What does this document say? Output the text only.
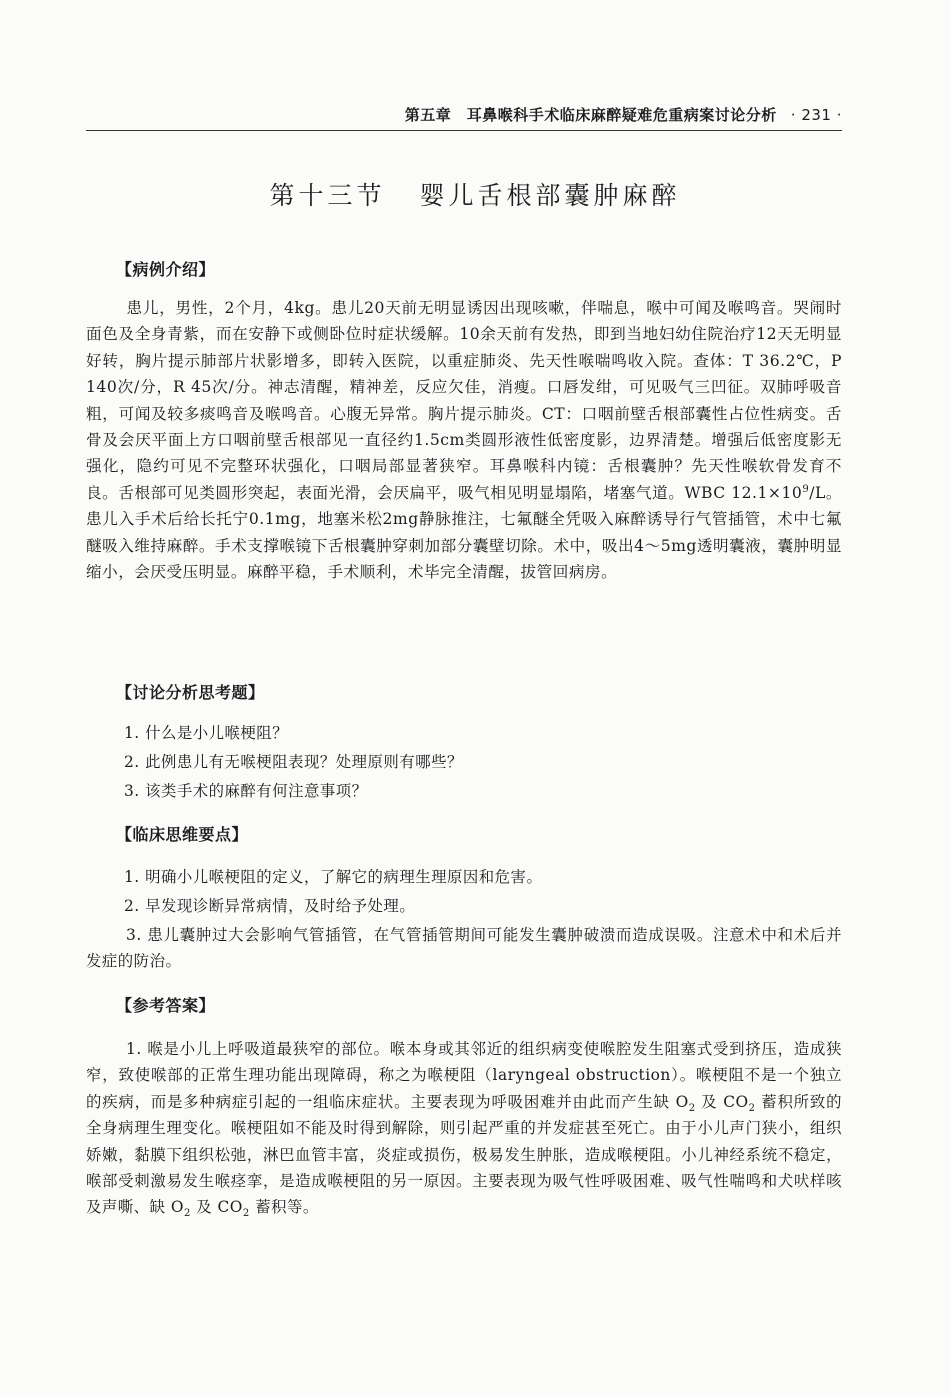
第五章　耳鼻喉科手术临床麻醉疑难危重病案讨论分析 · 231 ·
第十三节 婴儿舌根部囊肿麻醉
【病例介绍】
患儿，男性，2个月，4kg。患儿20天前无明显诱因出现咳嗽，伴喘息，喉中可闻及喉鸣音。哭闹时面色及全身青紫，而在安静下或侧卧位时症状缓解。10余天前有发热，即到当地妇幼住院治疗12天无明显好转，胸片提示肺部片状影增多，即转入医院，以重症肺炎、先天性喉喘鸣收入院。查体：T 36.2℃，P 140次/分，R 45次/分。神志清醒，精神差，反应欠佳，消瘦。口唇发绀，可见吸气三凹征。双肺呼吸音粗，可闻及较多痰鸣音及喉鸣音。心腹无异常。胸片提示肺炎。CT：口咽前壁舌根部囊性占位性病变。舌骨及会厌平面上方口咽前壁舌根部见一直径约1.5cm类圆形液性低密度影，边界清楚。增强后低密度影无强化，隐约可见不完整环状强化，口咽局部显著狭窄。耳鼻喉科内镜：舌根囊肿？先天性喉软骨发育不良。舌根部可见类圆形突起，表面光滑，会厌扁平，吸气相见明显塌陷，堵塞气道。WBC $12.1\times 10^9/L$。患儿入手术后给长托宁0.1mg，地塞米松2mg静脉推注，七氟醚全凭吸入麻醉诱导行气管插管，术中七氟醚吸入维持麻醉。手术支撑喉镜下舌根囊肿穿刺加部分囊壁切除。术中，吸出4～5mg透明囊液，囊肿明显缩小，会厌受压明显。麻醉平稳，手术顺利，术毕完全清醒，拔管回病房。
【讨论分析思考题】
1. 什么是小儿喉梗阻？
2. 此例患儿有无喉梗阻表现？处理原则有哪些？
3. 该类手术的麻醉有何注意事项？
【临床思维要点】
1. 明确小儿喉梗阻的定义，了解它的病理生理原因和危害。
2. 早发现诊断异常病情，及时给予处理。
3. 患儿囊肿过大会影响气管插管，在气管插管期间可能发生囊肿破溃而造成误吸。注意术中和术后并发症的防治。
【参考答案】
1. 喉是小儿上呼吸道最狭窄的部位。喉本身或其邻近的组织病变使喉腔发生阻塞式受到挤压，造成狭窄，致使喉部的正常生理功能出现障碍，称之为喉梗阻（laryngeal obstruction）。喉梗阻不是一个独立的疾病，而是多种病症引起的一组临床症状。主要表现为呼吸困难并由此而产生缺 $O_2$ 及 $CO_2$ 蓄积所致的全身病理生理变化。喉梗阻如不能及时得到解除，则引起严重的并发症甚至死亡。由于小儿声门狭小，组织娇嫩，黏膜下组织松弛，淋巴血管丰富，炎症或损伤，极易发生肿胀，造成喉梗阻。小儿神经系统不稳定，喉部受刺激易发生喉痉挛，是造成喉梗阻的另一原因。主要表现为吸气性呼吸困难、吸气性喘鸣和犬吠样咳及声嘶、缺 $O_2$ 及 $CO_2$ 蓄积等。
